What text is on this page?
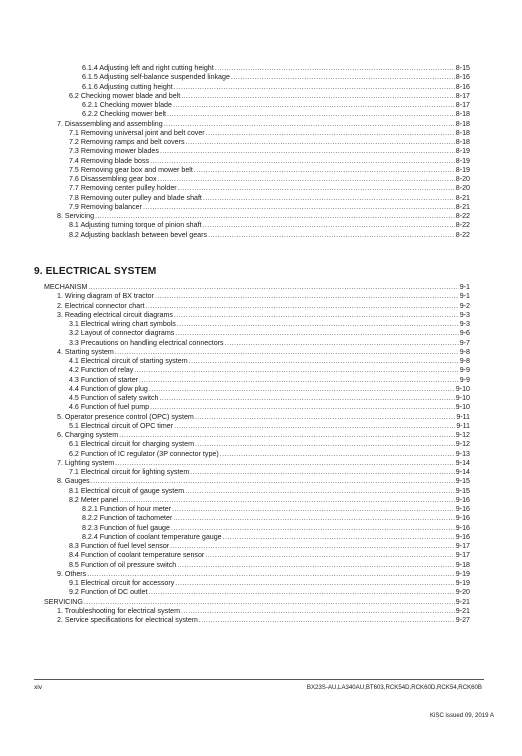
6.1.4 Adjusting left and right cutting height .....	8-15
6.1.5 Adjusting self-balance suspended linkage .....	8-16
6.1.6 Adjusting cutting height .....	8-16
6.2 Checking mower blade and belt .....	8-17
6.2.1 Checking mower blade .....	8-17
6.2.2 Checking mower belt .....	8-18
7. Disassembling and assembling .....	8-18
7.1 Removing universal joint and belt cover .....	8-18
7.2 Removing ramps and belt covers .....	8-18
7.3 Removing mower blades .....	8-19
7.4 Removing blade boss .....	8-19
7.5 Removing gear box and mower belt .....	8-19
7.6 Disassembling gear box .....	8-20
7.7 Removing center pulley holder .....	8-20
7.8 Removing outer pulley and blade shaft .....	8-21
7.9 Removing balancer .....	8-21
8. Servicing .....	8-22
8.1 Adjusting turning torque of pinion shaft .....	8-22
8.2 Adjusting backlash between bevel gears .....	8-22
9. ELECTRICAL SYSTEM
MECHANISM .....	9-1
1. Wiring diagram of BX tractor .....	9-1
2. Electrical connector chart .....	9-2
3. Reading electrical circuit diagrams .....	9-3
3.1 Electrical wiring chart symbols .....	9-3
3.2 Layout of connector diagrams .....	9-6
3.3 Precautions on handling electrical connectors .....	9-7
4. Starting system .....	9-8
4.1 Electrical circuit of starting system .....	9-8
4.2 Function of relay .....	9-9
4.3 Function of starter .....	9-9
4.4 Function of glow plug .....	9-10
4.5 Function of safety switch .....	9-10
4.6 Function of fuel pump .....	9-10
5. Operator presence control (OPC) system .....	9-11
5.1 Electrical circuit of OPC timer .....	9-11
6. Charging system .....	9-12
6.1 Electrical circuit for charging system .....	9-12
6.2 Function of IC regulator (3P connector type) .....	9-13
7. Lighting system .....	9-14
7.1 Electrical circuit for lighting system .....	9-14
8. Gauges .....	9-15
8.1 Electrical circuit of gauge system .....	9-15
8.2 Meter panel .....	9-16
8.2.1 Function of hour meter .....	9-16
8.2.2 Function of tachometer .....	9-16
8.2.3 Function of fuel gauge .....	9-16
8.2.4 Function of coolant temperature gauge .....	9-16
8.3 Function of fuel level sensor .....	9-17
8.4 Function of coolant temperature sensor .....	9-17
8.5 Function of oil pressure switch .....	9-18
9. Others .....	9-19
9.1 Electrical circuit for accessory .....	9-19
9.2 Function of DC outlet .....	9-20
SERVICING .....	9-21
1. Troubleshooting for electrical system .....	9-21
2. Service specifications for electrical system .....	9-27
xiv	BX23S-AU,LA340AU,BT603,RCK54D,RCK60D,RCK54,RCK60B
KiSC issued 09, 2019 A
